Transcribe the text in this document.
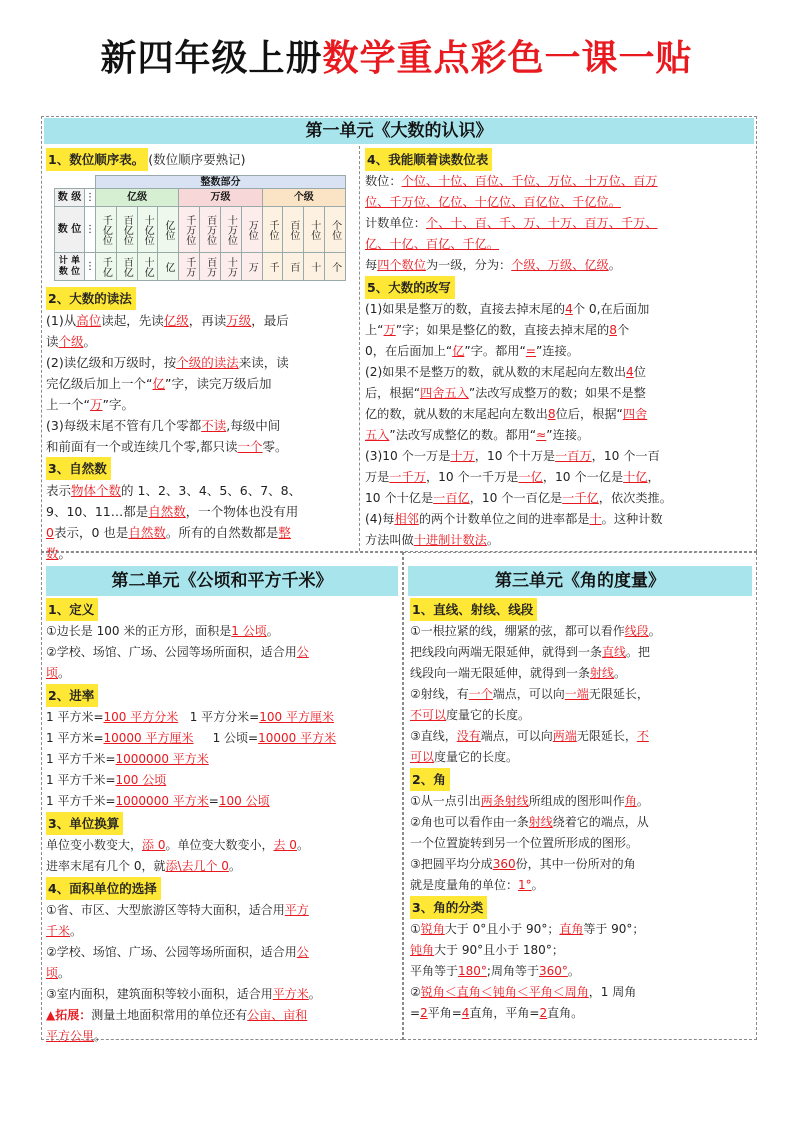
新四年级上册数学重点彩色一课一贴
第一单元《大数的认识》
1、数位顺序表。 (数位顺序要熟记)
		整数部分											
数 级	⋮	亿级				万级				个级			
数 位	⋮	千亿位	百亿位	十亿位	亿位	千万位	百万位	十万位	万位	千位	百位	十位	个位
计 单 数 位	⋮	千亿	百亿	十亿	亿	千万	百万	十万	万	千	百	十	个
2、大数的读法
(1)从高位读起，先读亿级，再读万级，最后
读个级。
(2)读亿级和万级时，按个级的读法来读，读
完亿级后加上一个“亿”字，读完万级后加
上一个“万”字。
(3)每级末尾不管有几个零都不读,每级中间
和前面有一个或连续几个零,都只读一个零。
3、自然数
表示物体个数的 1、2、3、4、5、6、7、8、
9、10、11…都是自然数，一个物体也没有用
0表示，0 也是自然数。所有的自然数都是整
数。
4、我能顺着读数位表
数位：个位、十位、百位、千位、万位、十万位、百万
位、千万位、亿位、十亿位、百亿位、千亿位。
计数单位：个、十、百、千、万、十万、百万、千万、
亿、十亿、百亿、千亿。
每四个数位为一级，分为：个级、万级、亿级。
5、大数的改写
(1)如果是整万的数，直接去掉末尾的4个 0,在后面加
上“万”字；如果是整亿的数，直接去掉末尾的8个
0，在后面加上“亿”字。都用“=”连接。
(2)如果不是整万的数，就从数的末尾起向左数出4位
后，根据“四舍五入”法改写成整万的数；如果不是整
亿的数，就从数的末尾起向左数出8位后，根据“四舍
五入”法改写成整亿的数。都用“≈”连接。
(3)10 个一万是十万，10 个十万是一百万，10 个一百
万是一千万，10 个一千万是一亿，10 个一亿是十亿，
10 个十亿是一百亿，10 个一百亿是一千亿，依次类推。
(4)每相邻的两个计数单位之间的进率都是十。这种计数
方法叫做十进制计数法。
第二单元《公顷和平方千米》
1、定义
①边长是 100 米的正方形，面积是1 公顷。
②学校、场馆、广场、公园等场所面积，适合用公
顷。
2、进率
1 平方米=100 平方分米 1 平方分米=100 平方厘米
1 平方米=10000 平方厘米 1 公顷=10000 平方米
1 平方千米=1000000 平方米
1 平方千米=100 公顷
1 平方千米=1000000 平方米=100 公顷
3、单位换算
单位变小数变大，添 0。单位变大数变小，去 0。
进率末尾有几个 0，就添\去几个 0。
4、面积单位的选择
①省、市区、大型旅游区等特大面积，适合用平方
千米。
②学校、场馆、广场、公园等场所面积，适合用公
顷。
③室内面积，建筑面积等较小面积，适合用平方米。
▲拓展：测量土地面积常用的单位还有公亩、亩和
平方公里。
第三单元《角的度量》
1、直线、射线、线段
①一根拉紧的线，绷紧的弦，都可以看作线段。
把线段向两端无限延伸，就得到一条直线。把
线段向一端无限延伸，就得到一条射线。
②射线，有一个端点，可以向一端无限延长，
不可以度量它的长度。
③直线，没有端点，可以向两端无限延长，不
可以度量它的长度。
2、角
①从一点引出两条射线所组成的图形叫作角。
②角也可以看作由一条射线绕着它的端点，从
一个位置旋转到另一个位置所形成的图形。
③把圆平均分成360份，其中一份所对的角
就是度量角的单位：1°。
3、角的分类
①锐角大于 0°且小于 90°；直角等于 90°；
钝角大于 90°且小于 180°；
平角等于180°;周角等于360°。
②锐角＜直角＜钝角＜平角＜周角，1 周角
=2平角=4直角，平角=2直角。
